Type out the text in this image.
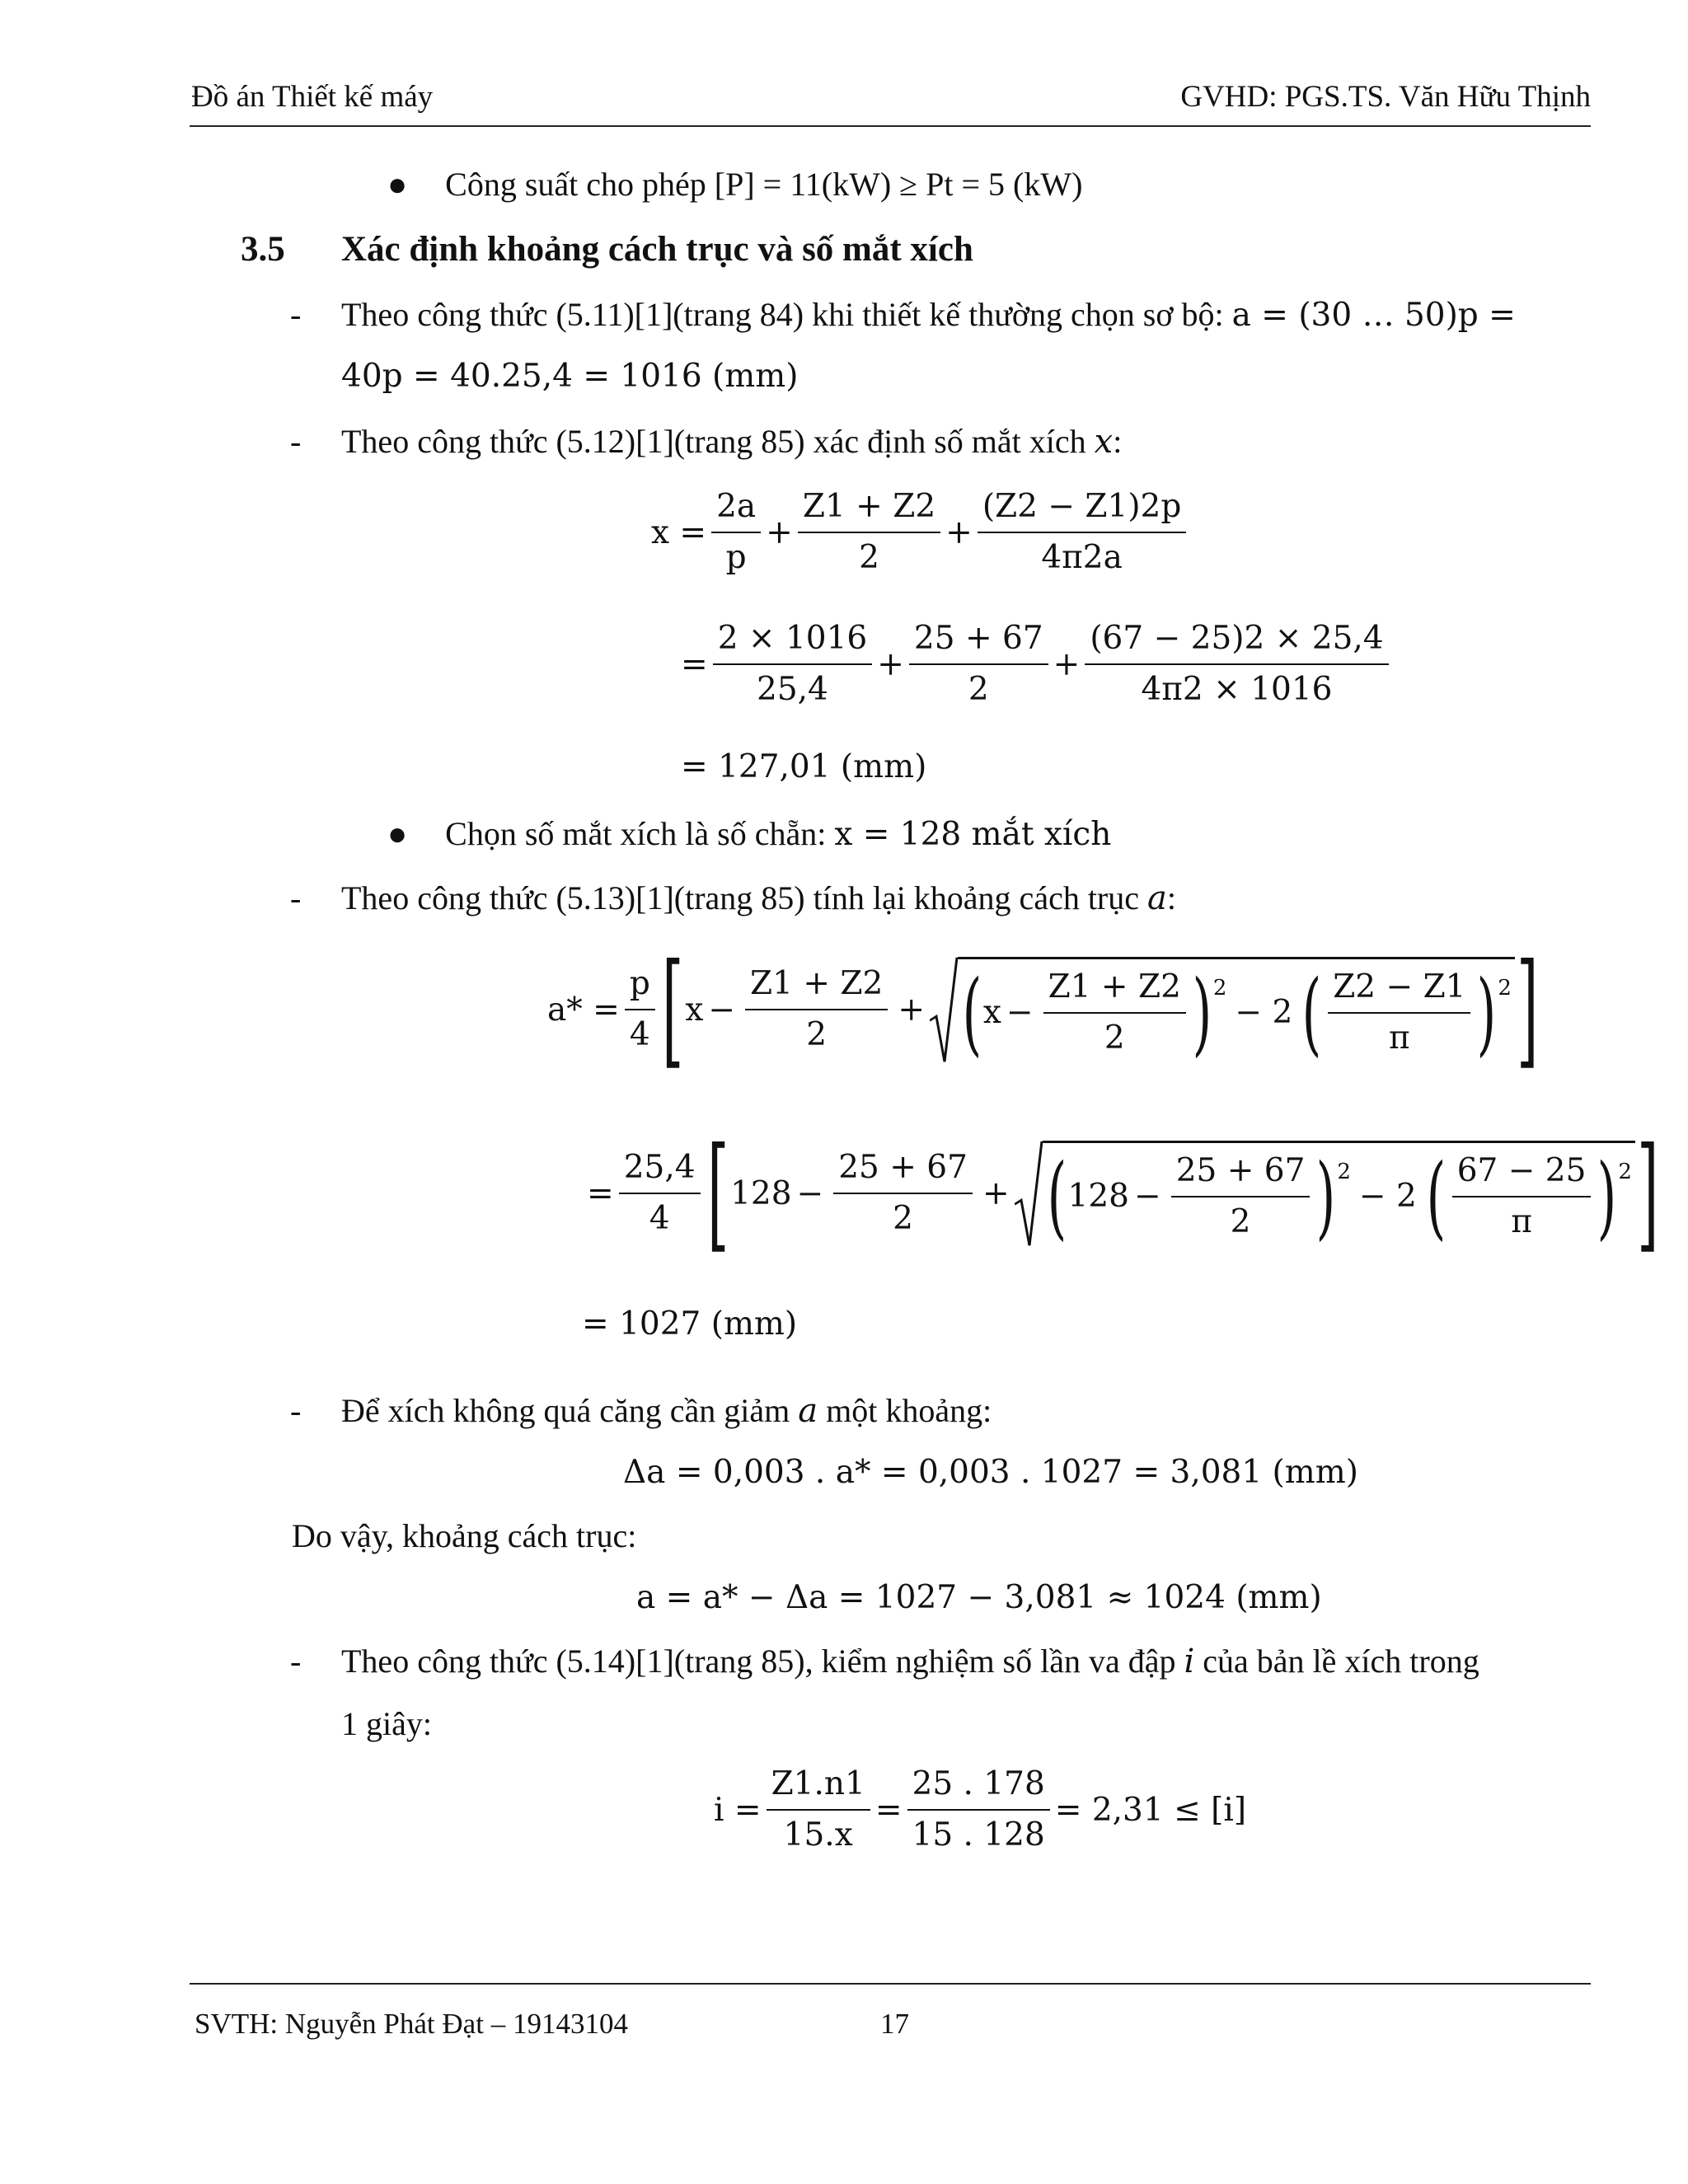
Đồ án Thiết kế máy	GVHD: PGS.TS. Văn Hữu Thịnh
● Công suất cho phép [P] = 11(kW) ≥ Pt = 5 (kW)
3.5 Xác định khoảng cách trục và số mắt xích
- Theo công thức (5.11)[1](trang 84) khi thiết kế thường chọn sơ bộ: a = (30 … 50)p =
40p = 40.25,4 = 1016 (mm)
- Theo công thức (5.12)[1](trang 85) xác định số mắt xích x:
$x = \frac{2a}{p} + \frac{Z1 + Z2}{2} + \frac{(Z2 - Z1)2p}{4\pi 2a}$
= $\frac{2 \times 1016}{25,4} + \frac{25 + 67}{2} + \frac{(67 - 25)2 \times 25,4}{4\pi 2 \times 1016}$
= 127,01 (mm)
● Chọn số mắt xích là số chẵn: x = 128 mắt xích
- Theo công thức (5.13)[1](trang 85) tính lại khoảng cách trục a:
$a* = \frac{p}{4}$ [ $x - \frac{Z1 + Z2}{2}$ + ( $x - \frac{Z1 + Z2}{2}$ ) 2
− 2 ( $\frac{Z2 - Z1}{\pi}$ ) 2 ]
= $\frac{25,4}{4}$ [ $128 - \frac{25 + 67}{2}$ + ( $128 - \frac{25 + 67}{2}$ ) 2
− 2 ( $\frac{67 - 25}{\pi}$ ) 2 ]
= 1027 (mm)
- Để xích không quá căng cần giảm a một khoảng:
Δa = 0,003 . a* = 0,003 . 1027 = 3,081 (mm)
Do vậy, khoảng cách trục:
a = a* − Δa = 1027 − 3,081 ≈ 1024 (mm)
- Theo công thức (5.14)[1](trang 85), kiểm nghiệm số lần va đập i của bản lề xích trong
1 giây:
$i = \frac{Z1.n1}{15.x} = \frac{25 . 178}{15 . 128} = 2,31 \le [i]$
SVTH: Nguyễn Phát Đạt – 19143104	17
